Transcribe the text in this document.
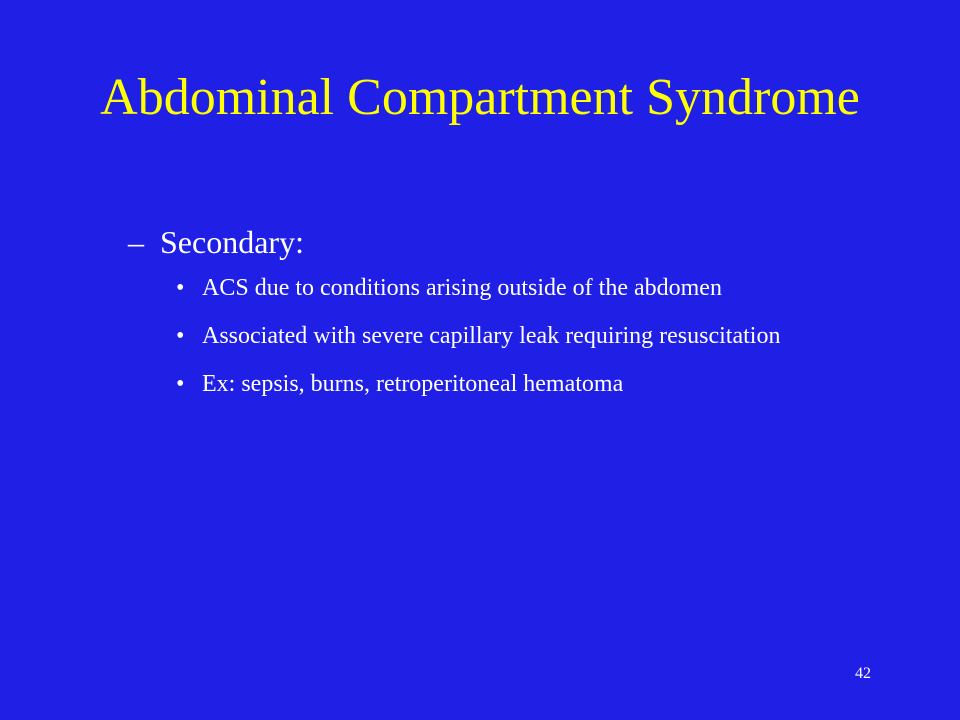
Abdominal Compartment Syndrome
– Secondary:
• ACS due to conditions arising outside of the abdomen
• Associated with severe capillary leak requiring resuscitation
• Ex: sepsis, burns, retroperitoneal hematoma
42
